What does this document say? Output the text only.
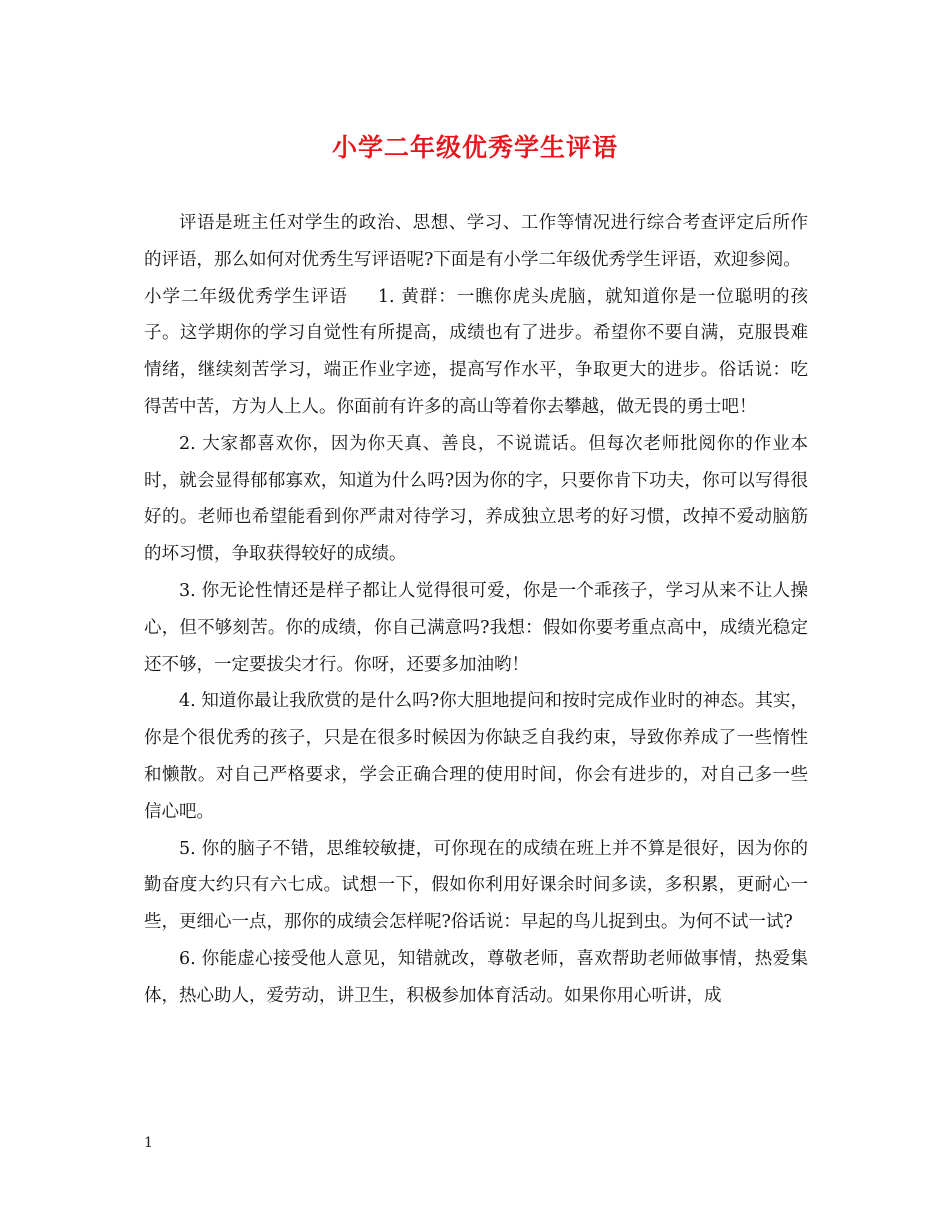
小学二年级优秀学生评语

评语是班主任对学生的政治、思想、学习、工作等情况进行综合考查评定后所作的评语，那么如何对优秀生写评语呢?下面是有小学二年级优秀学生评语，欢迎参阅。

小学二年级优秀学生评语 1. 黄群：一瞧你虎头虎脑，就知道你是一位聪明的孩子。这学期你的学习自觉性有所提高，成绩也有了进步。希望你不要自满，克服畏难情绪，继续刻苦学习，端正作业字迹，提高写作水平，争取更大的进步。俗话说：吃得苦中苦，方为人上人。你面前有许多的高山等着你去攀越，做无畏的勇士吧！

2. 大家都喜欢你，因为你天真、善良，不说谎话。但每次老师批阅你的作业本时，就会显得郁郁寡欢，知道为什么吗?因为你的字，只要你肯下功夫，你可以写得很好的。老师也希望能看到你严肃对待学习，养成独立思考的好习惯，改掉不爱动脑筋的坏习惯，争取获得较好的成绩。

3. 你无论性情还是样子都让人觉得很可爱，你是一个乖孩子，学习从来不让人操心，但不够刻苦。你的成绩，你自己满意吗?我想：假如你要考重点高中，成绩光稳定还不够，一定要拔尖才行。你呀，还要多加油哟！

4. 知道你最让我欣赏的是什么吗?你大胆地提问和按时完成作业时的神态。其实，你是个很优秀的孩子，只是在很多时候因为你缺乏自我约束，导致你养成了一些惰性和懒散。对自己严格要求，学会正确合理的使用时间，你会有进步的，对自己多一些信心吧。

5. 你的脑子不错，思维较敏捷，可你现在的成绩在班上并不算是很好，因为你的勤奋度大约只有六七成。试想一下，假如你利用好课余时间多读，多积累，更耐心一些，更细心一点，那你的成绩会怎样呢?俗话说：早起的鸟儿捉到虫。为何不试一试?

6. 你能虚心接受他人意见，知错就改，尊敬老师，喜欢帮助老师做事情，热爱集体，热心助人，爱劳动，讲卫生，积极参加体育活动。如果你用心听讲，成

1
